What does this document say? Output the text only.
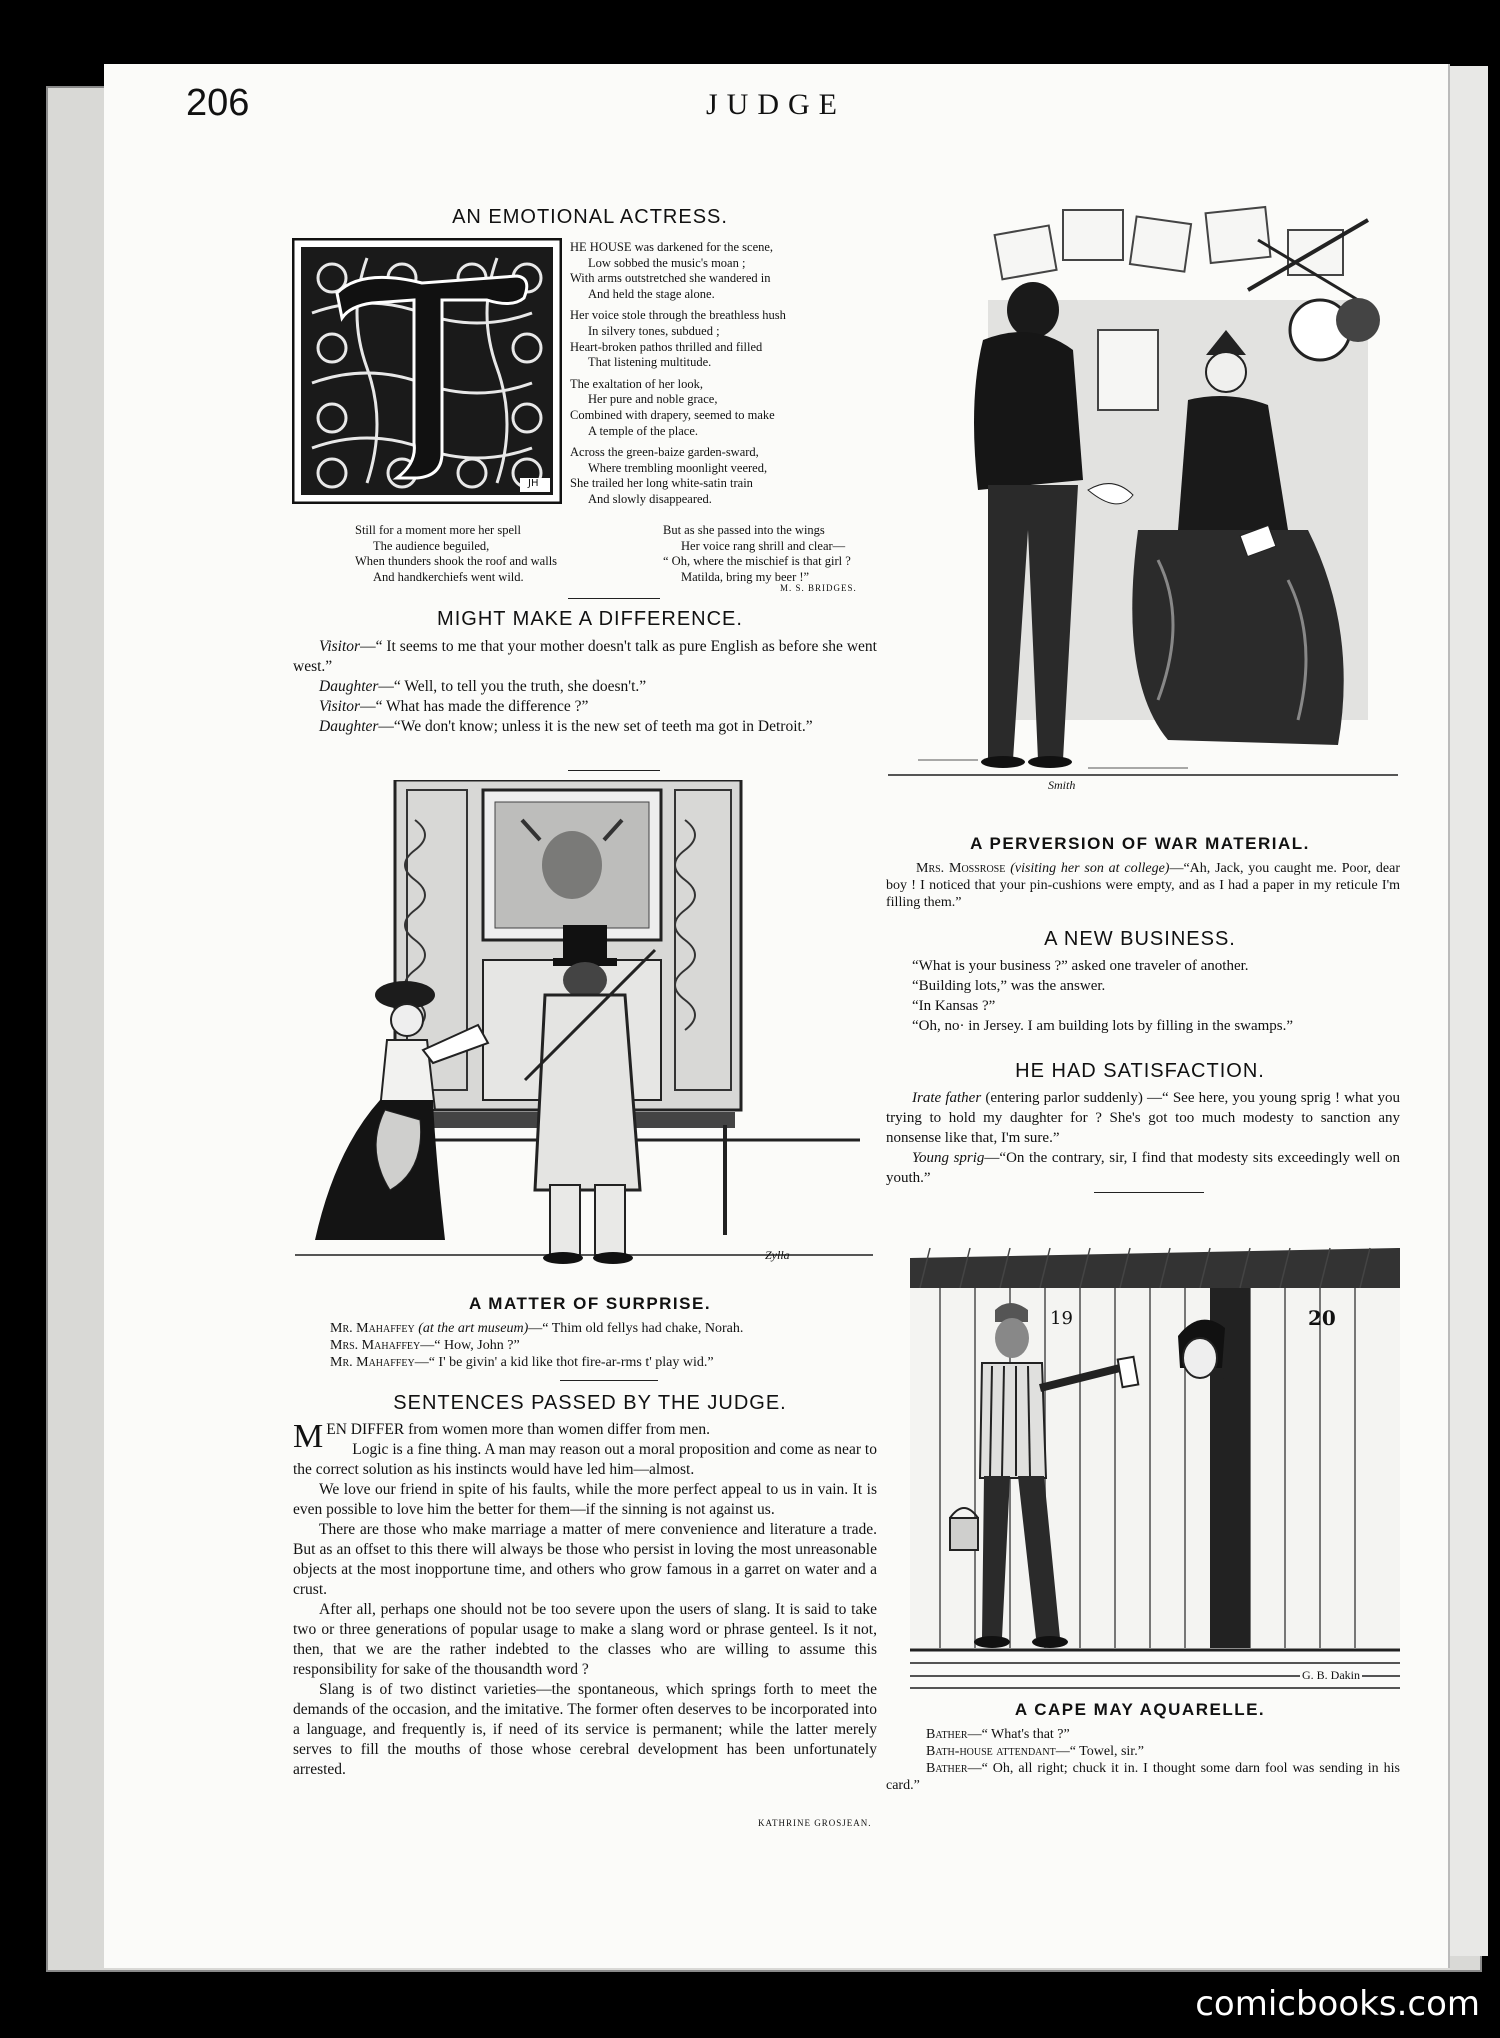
206	JUDGE
AN EMOTIONAL ACTRESS.
JH
HE HOUSE was darkened for the scene,
Low sobbed the music's moan ;
With arms outstretched she wandered in
And held the stage alone.
Her voice stole through the breathless hush
In silvery tones, subdued ;
Heart-broken pathos thrilled and filled
That listening multitude.
The exaltation of her look,
Her pure and noble grace,
Combined with drapery, seemed to make
A temple of the place.
Across the green-baize garden-sward,
Where trembling moonlight veered,
She trailed her long white-satin train
And slowly disappeared.
Still for a moment more her spell
The audience beguiled,
When thunders shook the roof and walls
And handkerchiefs went wild.
But as she passed into the wings
Her voice rang shrill and clear—
“ Oh, where the mischief is that girl ?
Matilda, bring my beer !”
M. S. BRIDGES.
MIGHT MAKE A DIFFERENCE.

Visitor—“ It seems to me that your mother doesn't talk as pure English as before she went west.”

Daughter—“ Well, to tell you the truth, she doesn't.”

Visitor—“ What has made the difference ?”

Daughter—“We don't know; unless it is the new set of teeth ma got in Detroit.”

Zylla
A MATTER OF SURPRISE.
Mr. Mahaffey (at the art museum)—“ Thim old fellys had chake, Norah.
Mrs. Mahaffey—“ How, John ?”
Mr. Mahaffey—“ I' be givin' a kid like thot fire-ar-rms t' play wid.”
SENTENCES PASSED BY THE JUDGE.

MEN DIFFER from women more than women differ from men.

Logic is a fine thing. A man may reason out a moral proposition and come as near to the correct solution as his instincts would have led him—almost.

We love our friend in spite of his faults, while the more perfect appeal to us in vain. It is even possible to love him the better for them—if the sinning is not against us.

There are those who make marriage a matter of mere convenience and literature a trade. But as an offset to this there will always be those who persist in loving the most unreasonable objects at the most inopportune time, and others who grow famous in a garret on water and a crust.

After all, perhaps one should not be too severe upon the users of slang. It is said to take two or three generations of popular usage to make a slang word or phrase genteel. Is it not, then, that we are the rather indebted to the classes who are willing to assume this responsibility for sake of the thousandth word ?

Slang is of two distinct varieties—the spontaneous, which springs forth to meet the demands of the occasion, and the imitative. The former often deserves to be incorporated into a language, and frequently is, if need of its service is permanent; while the latter merely serves to fill the mouths of those whose cerebral development has been unfortunately arrested.

KATHRINE GROSJEAN.
Smith
A PERVERSION OF WAR MATERIAL.
Mrs. Mossrose (visiting her son at college)—“Ah, Jack, you caught me. Poor, dear boy ! I noticed that your pin-cushions were empty, and as I had a paper in my reticule I'm filling them.”
A NEW BUSINESS.

“What is your business ?” asked one traveler of another.

“Building lots,” was the answer.

“In Kansas ?”

“Oh, no· in Jersey. I am building lots by filling in the swamps.”

HE HAD SATISFACTION.

Irate father (entering parlor suddenly) —“ See here, you young sprig ! what you trying to hold my daughter for ? She's got too much modesty to sanction any nonsense like that, I'm sure.”

Young sprig—“On the contrary, sir, I find that modesty sits exceedingly well on youth.”

19	20
G. B. Dakin
A CAPE MAY AQUARELLE.
Bather—“ What's that ?”
Bath-house attendant—“ Towel, sir.”
Bather—“ Oh, all right; chuck it in. I thought some darn fool was sending in his card.”
comicbooks.com
